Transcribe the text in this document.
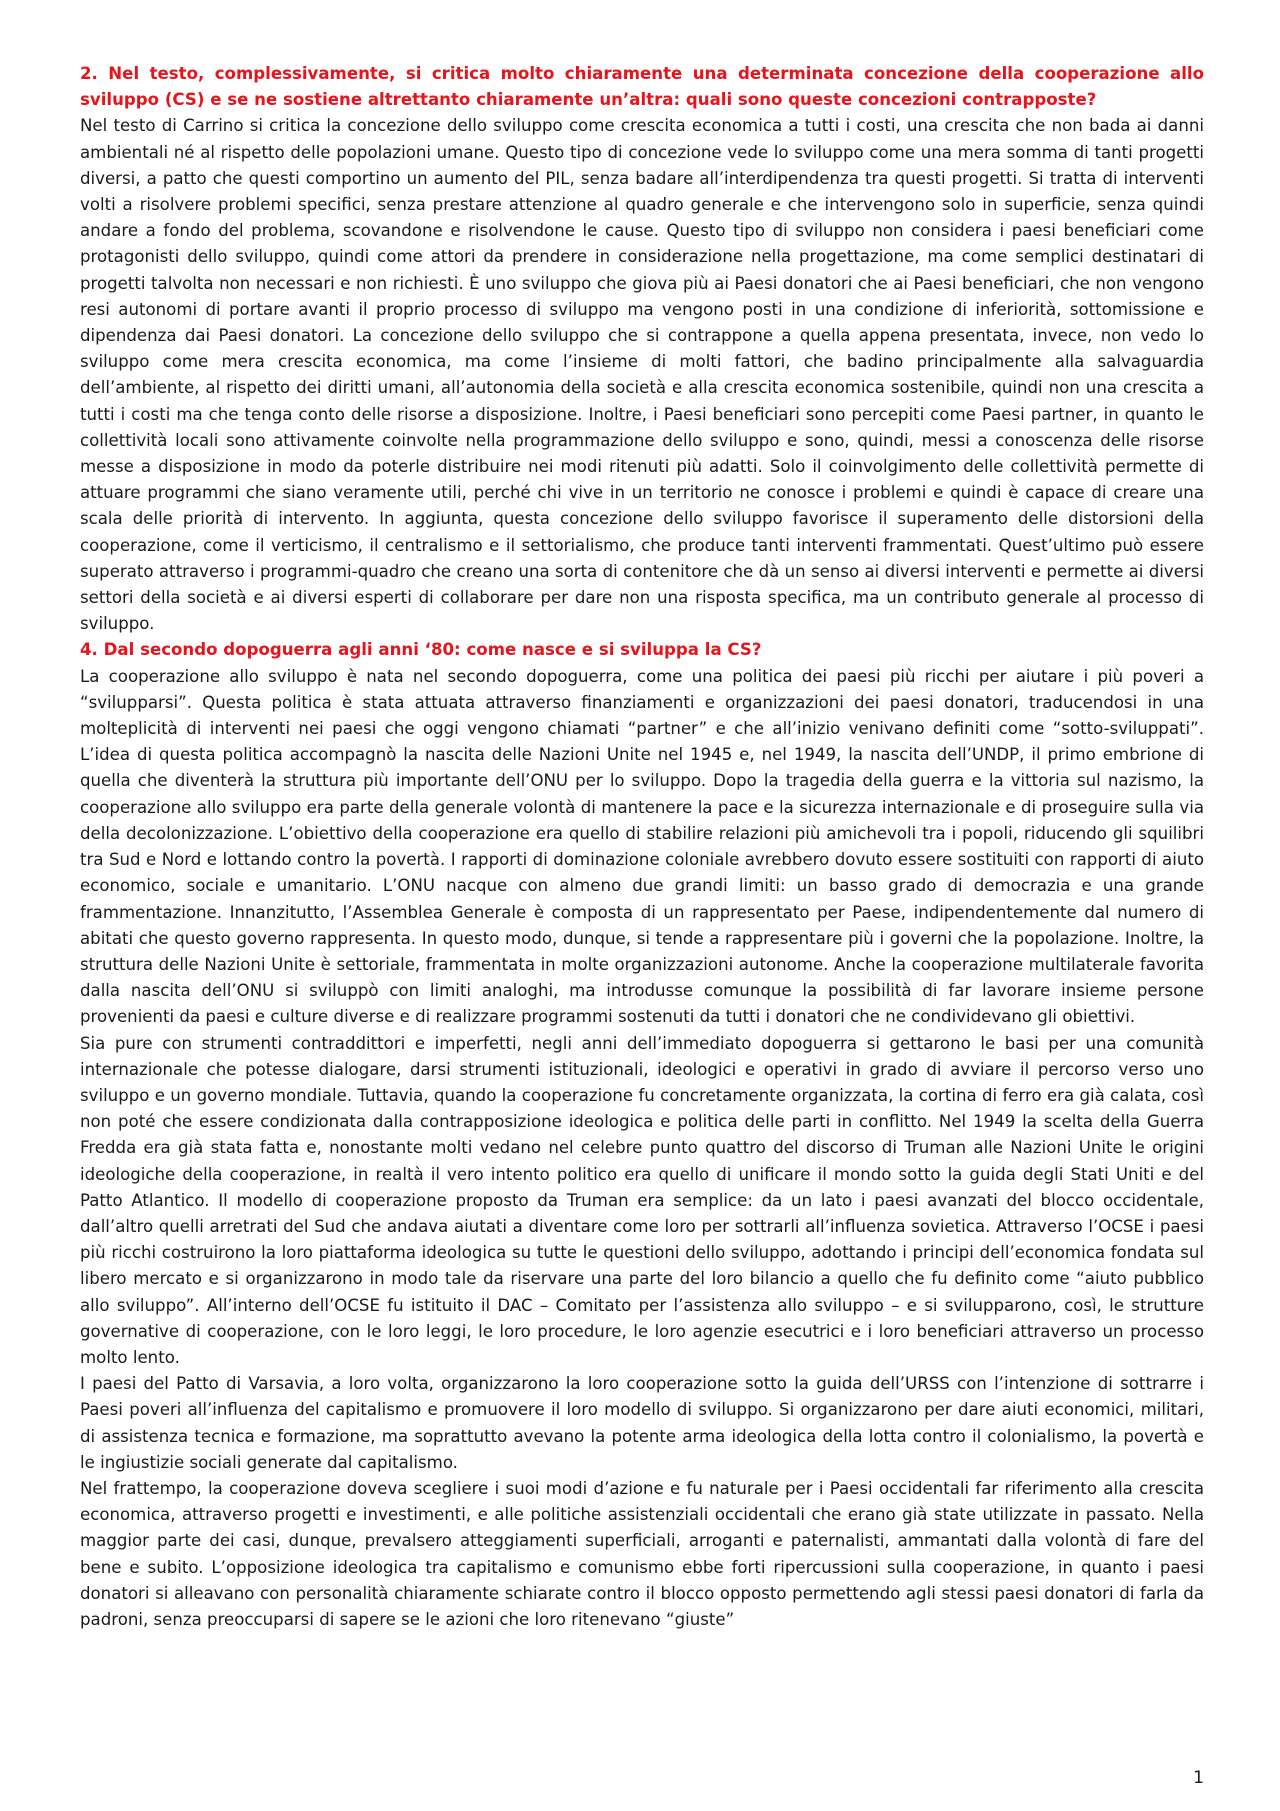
2. Nel testo, complessivamente, si critica molto chiaramente una determinata concezione della cooperazione allo sviluppo (CS) e se ne sostiene altrettanto chiaramente un’altra: quali sono queste concezioni contrapposte?

Nel testo di Carrino si critica la concezione dello sviluppo come crescita economica a tutti i costi, una crescita che non bada ai danni ambientali né al rispetto delle popolazioni umane. Questo tipo di concezione vede lo sviluppo come una mera somma di tanti progetti diversi, a patto che questi comportino un aumento del PIL, senza badare all’interdipendenza tra questi progetti. Si tratta di interventi volti a risolvere problemi specifici, senza prestare attenzione al quadro generale e che intervengono solo in superficie, senza quindi andare a fondo del problema, scovandone e risolvendone le cause. Questo tipo di sviluppo non considera i paesi beneficiari come protagonisti dello sviluppo, quindi come attori da prendere in considerazione nella progettazione, ma come semplici destinatari di progetti talvolta non necessari e non richiesti. È uno sviluppo che giova più ai Paesi donatori che ai Paesi beneficiari, che non vengono resi autonomi di portare avanti il proprio processo di sviluppo ma vengono posti in una condizione di inferiorità, sottomissione e dipendenza dai Paesi donatori. La concezione dello sviluppo che si contrappone a quella appena presentata, invece, non vedo lo sviluppo come mera crescita economica, ma come l’insieme di molti fattori, che badino principalmente alla salvaguardia dell’ambiente, al rispetto dei diritti umani, all’autonomia della società e alla crescita economica sostenibile, quindi non una crescita a tutti i costi ma che tenga conto delle risorse a disposizione. Inoltre, i Paesi beneficiari sono percepiti come Paesi partner, in quanto le collettività locali sono attivamente coinvolte nella programmazione dello sviluppo e sono, quindi, messi a conoscenza delle risorse messe a disposizione in modo da poterle distribuire nei modi ritenuti più adatti. Solo il coinvolgimento delle collettività permette di attuare programmi che siano veramente utili, perché chi vive in un territorio ne conosce i problemi e quindi è capace di creare una scala delle priorità di intervento. In aggiunta, questa concezione dello sviluppo favorisce il superamento delle distorsioni della cooperazione, come il verticismo, il centralismo e il settorialismo, che produce tanti interventi frammentati. Quest’ultimo può essere superato attraverso i programmi-quadro che creano una sorta di contenitore che dà un senso ai diversi interventi e permette ai diversi settori della società e ai diversi esperti di collaborare per dare non una risposta specifica, ma un contributo generale al processo di sviluppo.

4. Dal secondo dopoguerra agli anni ‘80: come nasce e si sviluppa la CS?

La cooperazione allo sviluppo è nata nel secondo dopoguerra, come una politica dei paesi più ricchi per aiutare i più poveri a “svilupparsi”. Questa politica è stata attuata attraverso finanziamenti e organizzazioni dei paesi donatori, traducendosi in una molteplicità di interventi nei paesi che oggi vengono chiamati “partner” e che all’inizio venivano definiti come “sotto-sviluppati”. L’idea di questa politica accompagnò la nascita delle Nazioni Unite nel 1945 e, nel 1949, la nascita dell’UNDP, il primo embrione di quella che diventerà la struttura più importante dell’ONU per lo sviluppo. Dopo la tragedia della guerra e la vittoria sul nazismo, la cooperazione allo sviluppo era parte della generale volontà di mantenere la pace e la sicurezza internazionale e di proseguire sulla via della decolonizzazione. L’obiettivo della cooperazione era quello di stabilire relazioni più amichevoli tra i popoli, riducendo gli squilibri tra Sud e Nord e lottando contro la povertà. I rapporti di dominazione coloniale avrebbero dovuto essere sostituiti con rapporti di aiuto economico, sociale e umanitario. L’ONU nacque con almeno due grandi limiti: un basso grado di democrazia e una grande frammentazione. Innanzitutto, l’Assemblea Generale è composta di un rappresentato per Paese, indipendentemente dal numero di abitati che questo governo rappresenta. In questo modo, dunque, si tende a rappresentare più i governi che la popolazione. Inoltre, la struttura delle Nazioni Unite è settoriale, frammentata in molte organizzazioni autonome. Anche la cooperazione multilaterale favorita dalla nascita dell’ONU si sviluppò con limiti analoghi, ma introdusse comunque la possibilità di far lavorare insieme persone provenienti da paesi e culture diverse e di realizzare programmi sostenuti da tutti i donatori che ne condividevano gli obiettivi.

Sia pure con strumenti contraddittori e imperfetti, negli anni dell’immediato dopoguerra si gettarono le basi per una comunità internazionale che potesse dialogare, darsi strumenti istituzionali, ideologici e operativi in grado di avviare il percorso verso uno sviluppo e un governo mondiale. Tuttavia, quando la cooperazione fu concretamente organizzata, la cortina di ferro era già calata, così non poté che essere condizionata dalla contrapposizione ideologica e politica delle parti in conflitto. Nel 1949 la scelta della Guerra Fredda era già stata fatta e, nonostante molti vedano nel celebre punto quattro del discorso di Truman alle Nazioni Unite le origini ideologiche della cooperazione, in realtà il vero intento politico era quello di unificare il mondo sotto la guida degli Stati Uniti e del Patto Atlantico. Il modello di cooperazione proposto da Truman era semplice: da un lato i paesi avanzati del blocco occidentale, dall’altro quelli arretrati del Sud che andava aiutati a diventare come loro per sottrarli all’influenza sovietica. Attraverso l’OCSE i paesi più ricchi costruirono la loro piattaforma ideologica su tutte le questioni dello sviluppo, adottando i principi dell’economica fondata sul libero mercato e si organizzarono in modo tale da riservare una parte del loro bilancio a quello che fu definito come “aiuto pubblico allo sviluppo”. All’interno dell’OCSE fu istituito il DAC – Comitato per l’assistenza allo sviluppo – e si svilupparono, così, le strutture governative di cooperazione, con le loro leggi, le loro procedure, le loro agenzie esecutrici e i loro beneficiari attraverso un processo molto lento.

I paesi del Patto di Varsavia, a loro volta, organizzarono la loro cooperazione sotto la guida dell’URSS con l’intenzione di sottrarre i Paesi poveri all’influenza del capitalismo e promuovere il loro modello di sviluppo. Si organizzarono per dare aiuti economici, militari, di assistenza tecnica e formazione, ma soprattutto avevano la potente arma ideologica della lotta contro il colonialismo, la povertà e le ingiustizie sociali generate dal capitalismo.

Nel frattempo, la cooperazione doveva scegliere i suoi modi d’azione e fu naturale per i Paesi occidentali far riferimento alla crescita economica, attraverso progetti e investimenti, e alle politiche assistenziali occidentali che erano già state utilizzate in passato. Nella maggior parte dei casi, dunque, prevalsero atteggiamenti superficiali, arroganti e paternalisti, ammantati dalla volontà di fare del bene e subito. L’opposizione ideologica tra capitalismo e comunismo ebbe forti ripercussioni sulla cooperazione, in quanto i paesi donatori si alleavano con personalità chiaramente schiarate contro il blocco opposto permettendo agli stessi paesi donatori di farla da padroni, senza preoccuparsi di sapere se le azioni che loro ritenevano “giuste”

1
